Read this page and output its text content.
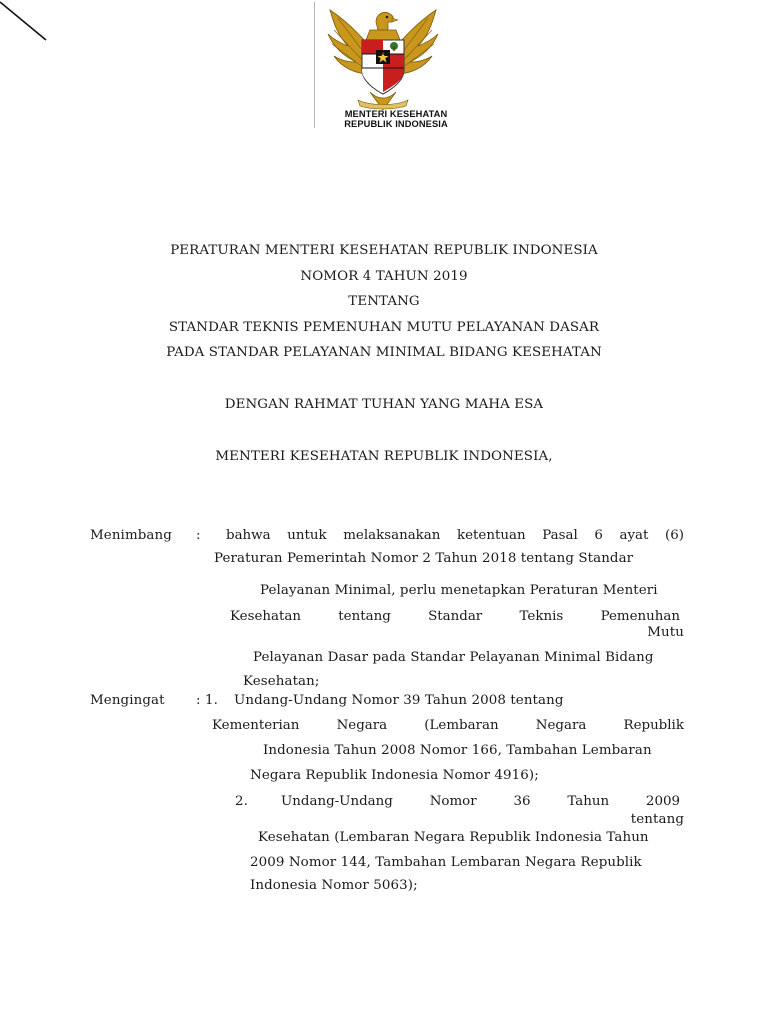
MENTERI KESEHATAN
REPUBLIK INDONESIA
PERATURAN MENTERI KESEHATAN REPUBLIK INDONESIA
NOMOR 4 TAHUN 2019
TENTANG
STANDAR TEKNIS PEMENUHAN MUTU PELAYANAN DASAR
PADA STANDAR PELAYANAN MINIMAL BIDANG KESEHATAN
DENGAN RAHMAT TUHAN YANG MAHA ESA
MENTERI KESEHATAN REPUBLIK INDONESIA,
Menimbang : bahwa untuk melaksanakan ketentuan Pasal 6 ayat (6)
Peraturan Pemerintah Nomor 2 Tahun 2018 tentang Standar
Pelayanan Minimal, perlu menetapkan Peraturan Menteri
Kesehatan	tentang	Standar	Teknis	Pemenuhan
Mutu
Pelayanan Dasar pada Standar Pelayanan Minimal Bidang
Kesehatan;
Mengingat : 1. Undang-Undang Nomor 39 Tahun 2008 tentang
Kementerian	Negara	(Lembaran	Negara	Republik
Indonesia Tahun 2008 Nomor 166, Tambahan Lembaran
Negara Republik Indonesia Nomor 4916);
2. Undang-Undang	Nomor	36	Tahun	2009
tentang
Kesehatan (Lembaran Negara Republik Indonesia Tahun
2009 Nomor 144, Tambahan Lembaran Negara Republik
Indonesia Nomor 5063);
